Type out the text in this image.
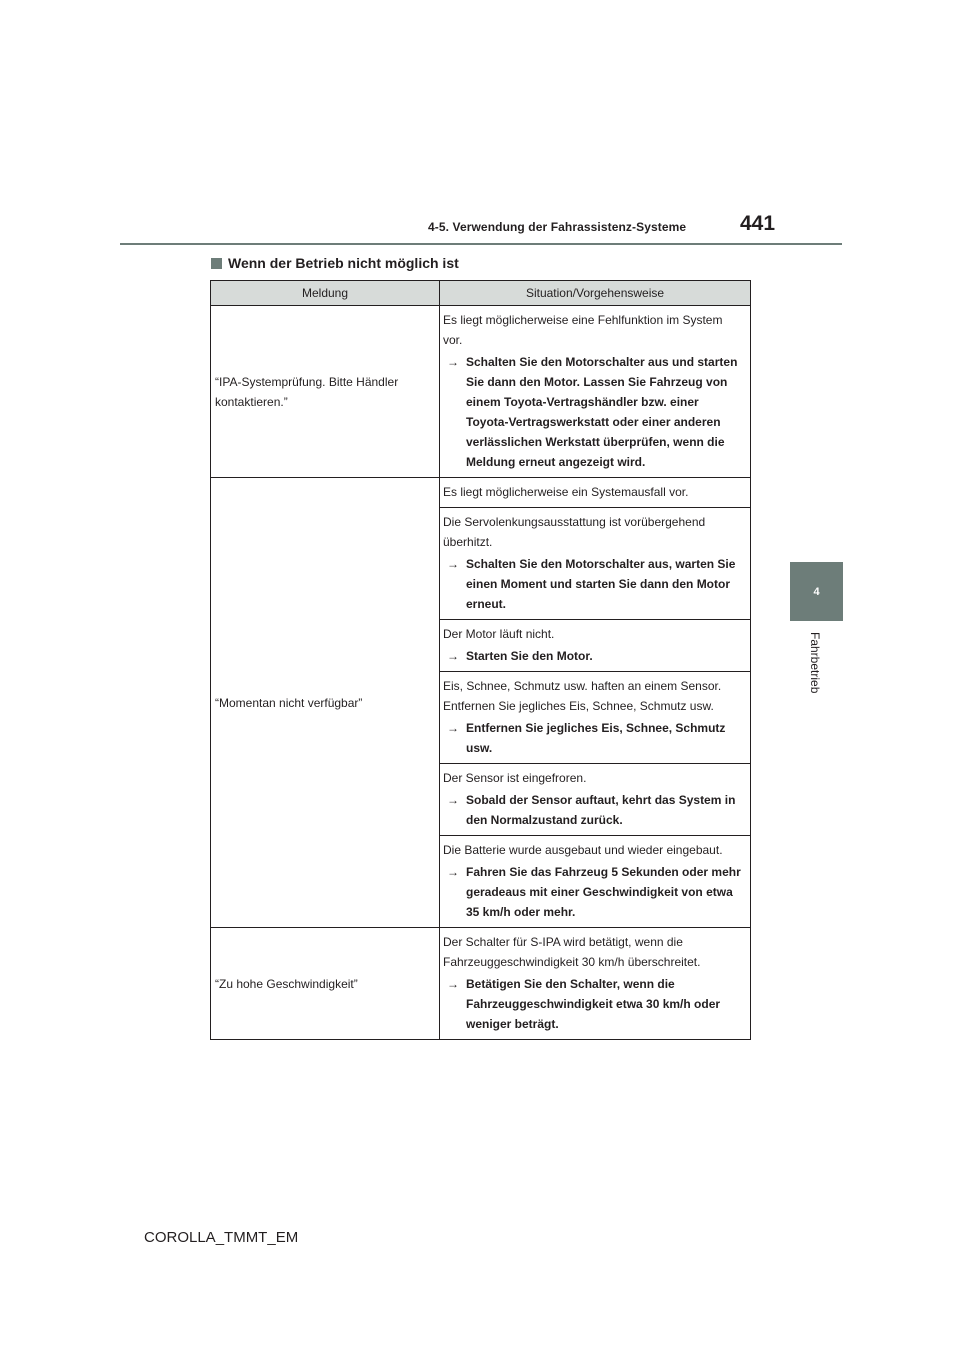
4-5. Verwendung der Fahrassistenz-Systeme	441
4
Fahrbetrieb
Wenn der Betrieb nicht möglich ist
Meldung	Situation/Vorgehensweise
“IPA-Systemprüfung. Bitte Händler kontaktieren.”	Es liegt möglicherweise eine Fehlfunktion im System vor.
→ Schalten Sie den Motorschalter aus und starten Sie dann den Motor. Lassen Sie Fahrzeug von einem Toyota-Vertragshändler bzw. einer Toyota-Vertragswerkstatt oder einer anderen verlässlichen Werkstatt überprüfen, wenn die Meldung erneut angezeigt wird.

“Momentan nicht verfügbar”	Es liegt möglicherweise ein Systemausfall vor.

	Die Servolenkungsausstattung ist vorübergehend überhitzt.
→ Schalten Sie den Motorschalter aus, warten Sie einen Moment und starten Sie dann den Motor erneut.

	Der Motor läuft nicht.
→ Starten Sie den Motor.

	Eis, Schnee, Schmutz usw. haften an einem Sensor. Entfernen Sie jegliches Eis, Schnee, Schmutz usw.
→ Entfernen Sie jegliches Eis, Schnee, Schmutz usw.

	Der Sensor ist eingefroren.
→ Sobald der Sensor auftaut, kehrt das System in den Normalzustand zurück.

	Die Batterie wurde ausgebaut und wieder eingebaut.
→ Fahren Sie das Fahrzeug 5 Sekunden oder mehr geradeaus mit einer Geschwindigkeit von etwa 35 km/h oder mehr.

“Zu hohe Geschwindigkeit”	Der Schalter für S-IPA wird betätigt, wenn die Fahrzeuggeschwindigkeit 30 km/h überschreitet.
→ Betätigen Sie den Schalter, wenn die Fahrzeuggeschwindigkeit etwa 30 km/h oder weniger beträgt.
COROLLA_TMMT_EM
